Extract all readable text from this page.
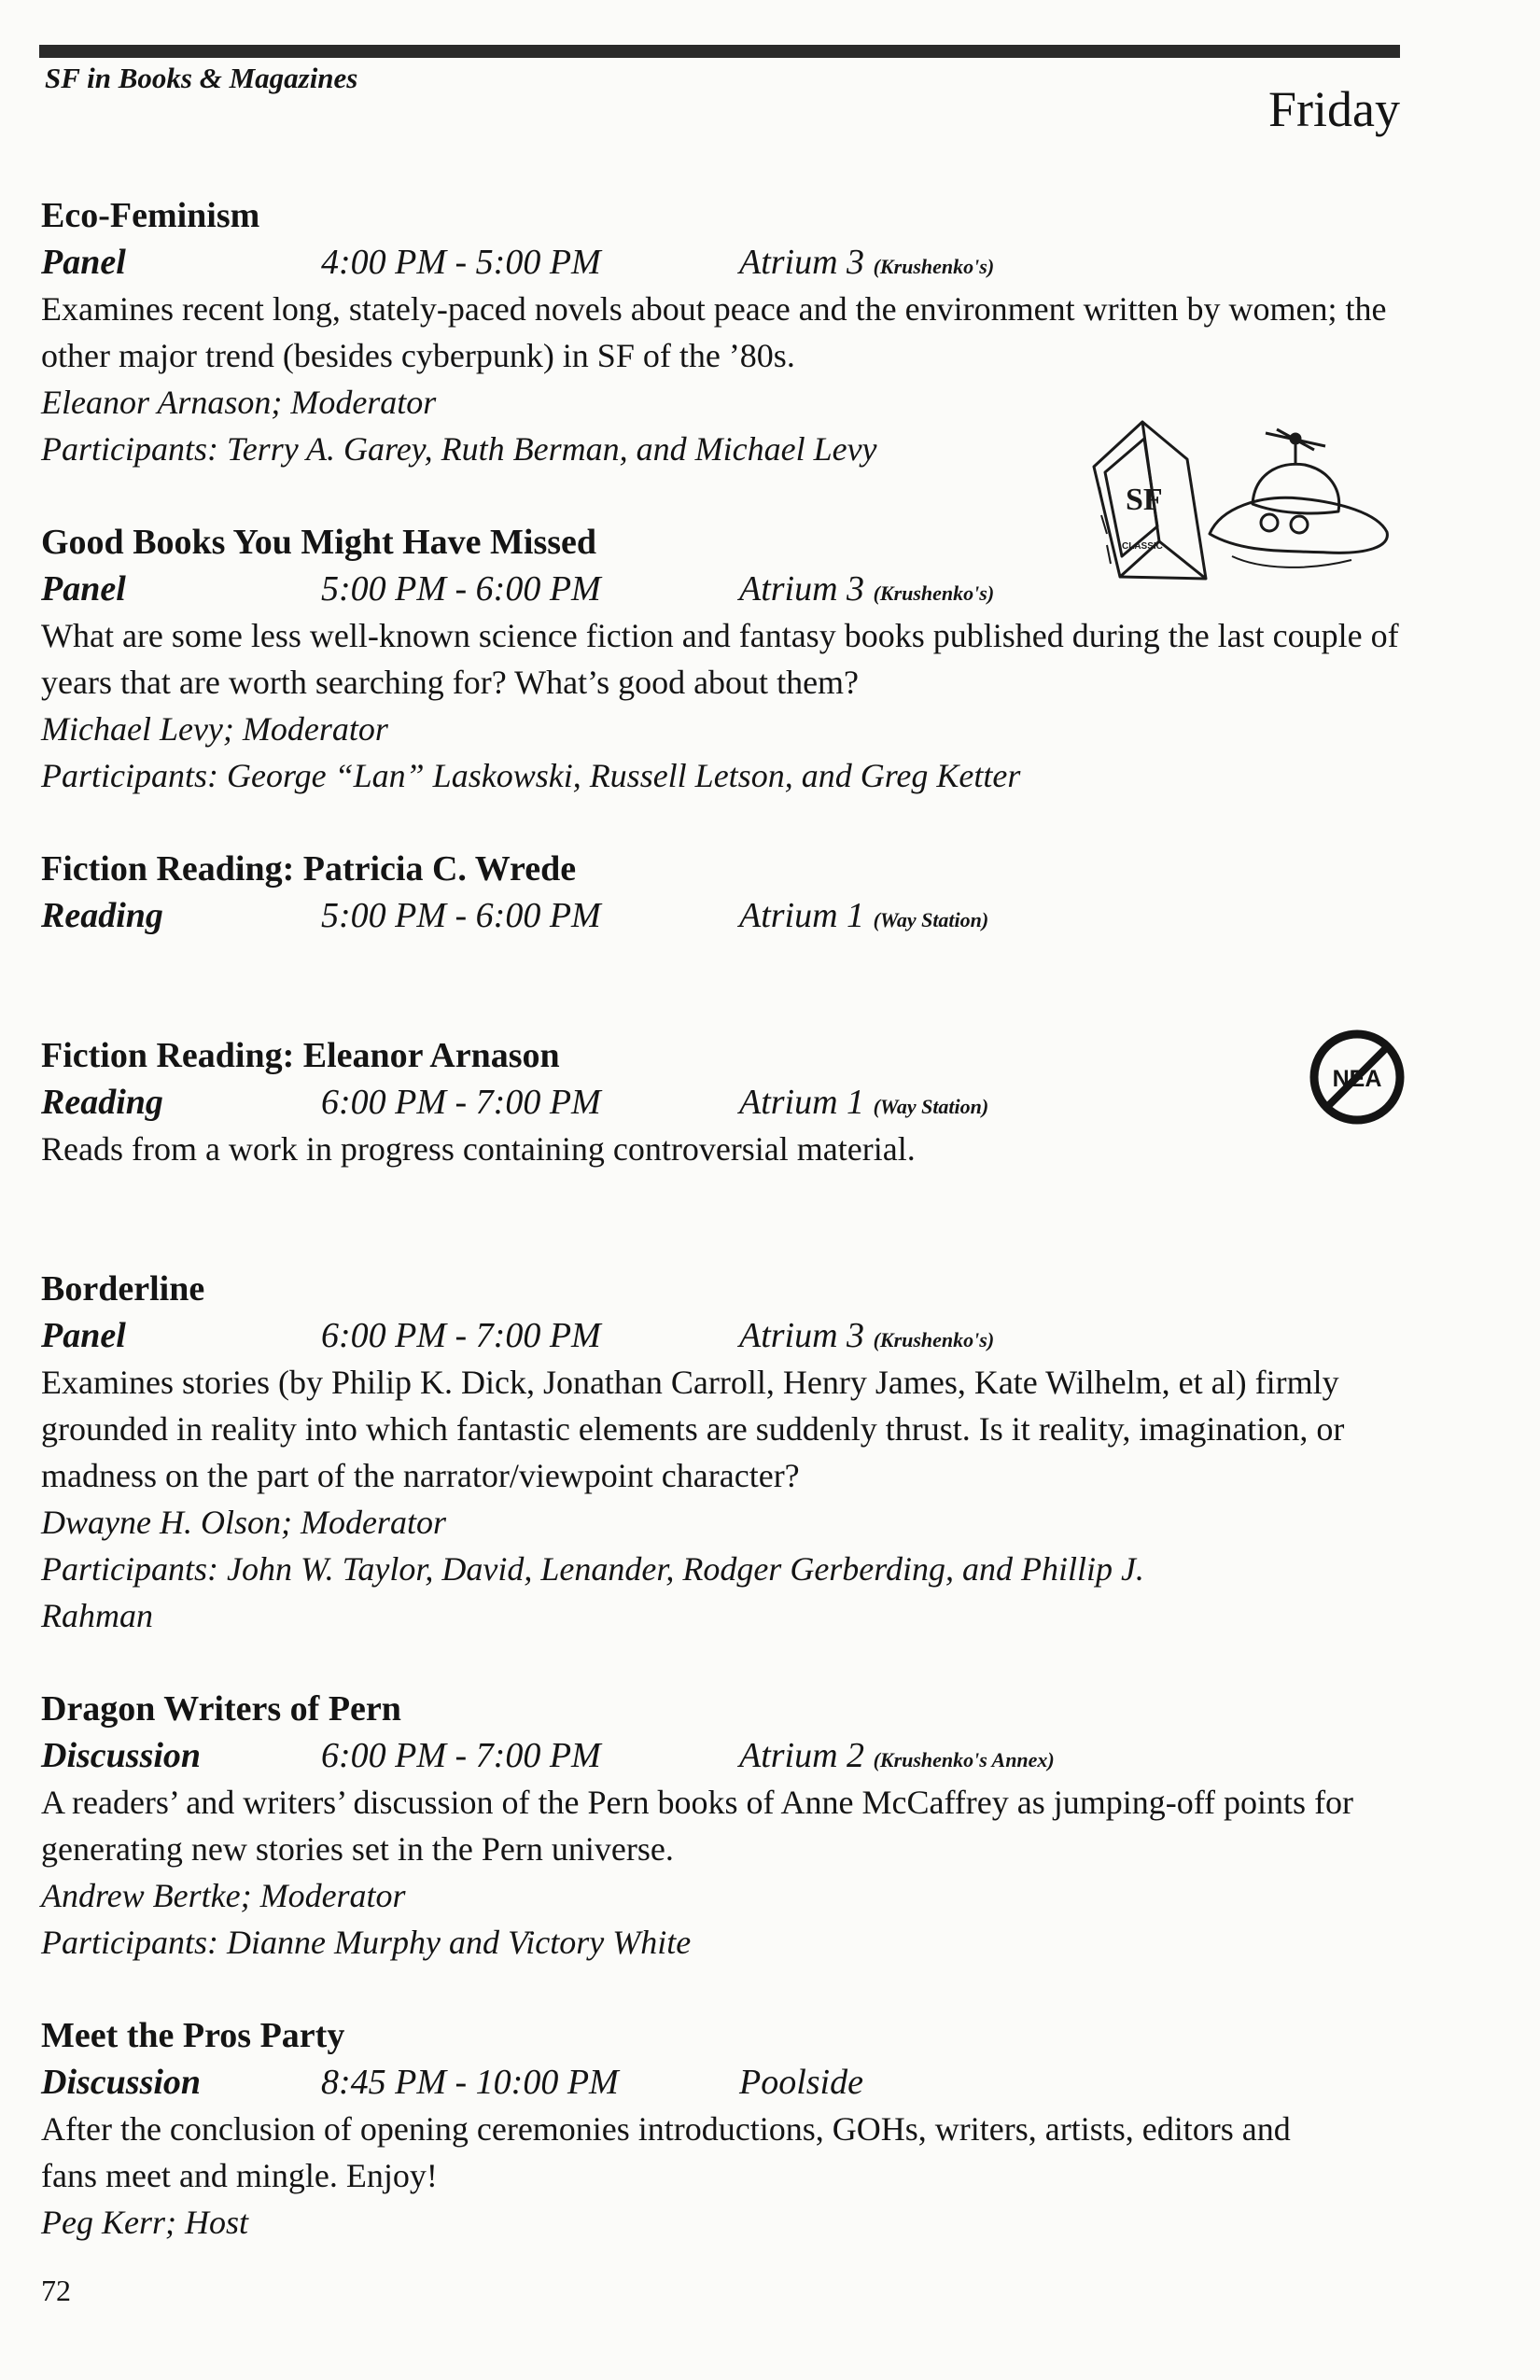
SF in Books & Magazines
Friday
Eco-Feminism
Panel	4:00 PM - 5:00 PM	Atrium 3 (Krushenko's)
Examines recent long, stately-paced novels about peace and the environment written by women; the other major trend (besides cyberpunk) in SF of the ’80s.
Eleanor Arnason; Moderator
Participants: Terry A. Garey, Ruth Berman, and Michael Levy
Good Books You Might Have Missed
Panel	5:00 PM - 6:00 PM	Atrium 3 (Krushenko's)
What are some less well-known science fiction and fantasy books published during the last couple of years that are worth searching for? What’s good about them?
Michael Levy; Moderator
Participants: George “Lan” Laskowski, Russell Letson, and Greg Ketter
Fiction Reading: Patricia C. Wrede
Reading	5:00 PM - 6:00 PM	Atrium 1 (Way Station)
Fiction Reading: Eleanor Arnason
Reading	6:00 PM - 7:00 PM	Atrium 1 (Way Station)
Reads from a work in progress containing controversial material.
Borderline
Panel	6:00 PM - 7:00 PM	Atrium 3 (Krushenko's)
Examines stories (by Philip K. Dick, Jonathan Carroll, Henry James, Kate Wilhelm, et al) firmly grounded in reality into which fantastic elements are suddenly thrust. Is it reality, imagination, or madness on the part of the narrator/viewpoint character?
Dwayne H. Olson; Moderator
Participants: John W. Taylor, David, Lenander, Rodger Gerberding, and Phillip J. Rahman
Dragon Writers of Pern
Discussion	6:00 PM - 7:00 PM	Atrium 2 (Krushenko's Annex)
A readers’ and writers’ discussion of the Pern books of Anne McCaffrey as jumping-off points for generating new stories set in the Pern universe.
Andrew Bertke; Moderator
Participants: Dianne Murphy and Victory White
Meet the Pros Party
Discussion	8:45 PM - 10:00 PM	Poolside
After the conclusion of opening ceremonies introductions, GOHs, writers, artists, editors and fans meet and mingle. Enjoy!
Peg Kerr; Host
SF
CLASSIC
NEA
72
